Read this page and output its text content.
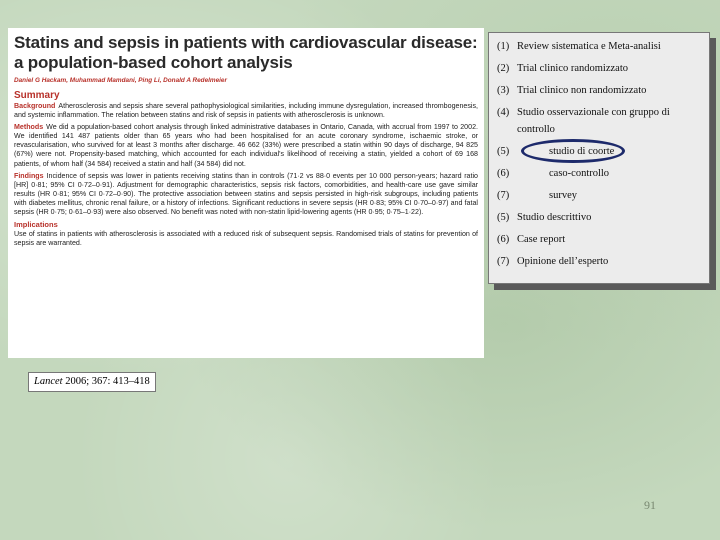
Statins and sepsis in patients with cardiovascular disease:
a population-based cohort analysis
Daniel G Hackam, Muhammad Mamdani, Ping Li, Donald A Redelmeier
Summary

Background Atherosclerosis and sepsis share several pathophysiological similarities, including immune dysregulation, increased thrombogenesis, and systemic inflammation. The relation between statins and risk of sepsis in patients with atherosclerosis is unknown.

Methods We did a population-based cohort analysis through linked administrative databases in Ontario, Canada, with accrual from 1997 to 2002. We identified 141 487 patients older than 65 years who had been hospitalised for an acute coronary syndrome, ischaemic stroke, or revascularisation, who survived for at least 3 months after discharge. 46 662 (33%) were prescribed a statin within 90 days of discharge, 94 825 (67%) were not. Propensity-based matching, which accounted for each individual's likelihood of receiving a statin, yielded a cohort of 69 168 patients, of whom half (34 584) received a statin and half (34 584) did not.

Findings Incidence of sepsis was lower in patients receiving statins than in controls (71·2 vs 88·0 events per 10 000 person-years; hazard ratio [HR] 0·81; 95% CI 0·72–0·91). Adjustment for demographic characteristics, sepsis risk factors, comorbidities, and health-care use gave similar results (HR 0·81; 95% CI 0·72–0·90). The protective association between statins and sepsis persisted in high-risk subgroups, including patients with diabetes mellitus, chronic renal failure, or a history of infections. Significant reductions in severe sepsis (HR 0·83; 95% CI 0·70–0·97) and fatal sepsis (HR 0·75; 0·61–0·93) were also observed. No benefit was noted with non-statin lipid-lowering agents (HR 0·95; 0·75–1·22).

Implications

Use of statins in patients with atherosclerosis is associated with a reduced risk of subsequent sepsis. Randomised trials of statins for prevention of sepsis are warranted.

Lancet 2006; 367: 413–418
(1) Review sistematica e Meta-analisi
(2) Trial clinico randomizzato
(3) Trial clinico non randomizzato
(4) Studio osservazionale con gruppo di
controllo
(5)	studio di coorte
(6)	caso-controllo
(7)	survey
(5) Studio descrittivo
(6) Case report
(7) Opinione dell’esperto
91
